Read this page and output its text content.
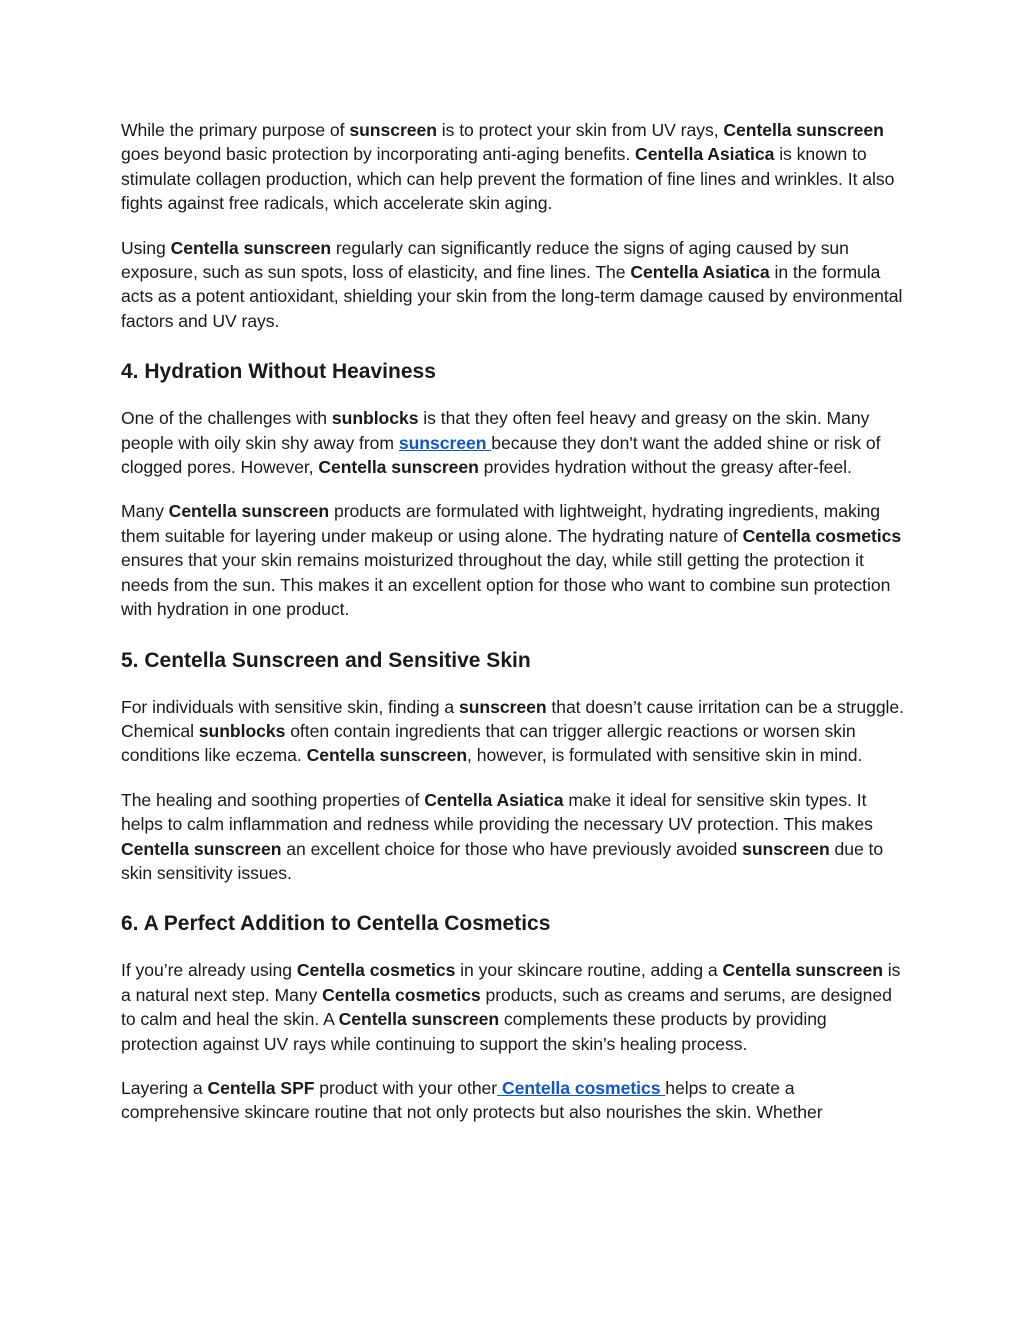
While the primary purpose of sunscreen is to protect your skin from UV rays, Centella sunscreen goes beyond basic protection by incorporating anti-aging benefits. Centella Asiatica is known to stimulate collagen production, which can help prevent the formation of fine lines and wrinkles. It also fights against free radicals, which accelerate skin aging.

Using Centella sunscreen regularly can significantly reduce the signs of aging caused by sun exposure, such as sun spots, loss of elasticity, and fine lines. The Centella Asiatica in the formula acts as a potent antioxidant, shielding your skin from the long-term damage caused by environmental factors and UV rays.

4. Hydration Without Heaviness

One of the challenges with sunblocks is that they often feel heavy and greasy on the skin. Many people with oily skin shy away from sunscreen because they don't want the added shine or risk of clogged pores. However, Centella sunscreen provides hydration without the greasy after-feel.

Many Centella sunscreen products are formulated with lightweight, hydrating ingredients, making them suitable for layering under makeup or using alone. The hydrating nature of Centella cosmetics ensures that your skin remains moisturized throughout the day, while still getting the protection it needs from the sun. This makes it an excellent option for those who want to combine sun protection with hydration in one product.

5. Centella Sunscreen and Sensitive Skin

For individuals with sensitive skin, finding a sunscreen that doesn’t cause irritation can be a struggle. Chemical sunblocks often contain ingredients that can trigger allergic reactions or worsen skin conditions like eczema. Centella sunscreen, however, is formulated with sensitive skin in mind.

The healing and soothing properties of Centella Asiatica make it ideal for sensitive skin types. It helps to calm inflammation and redness while providing the necessary UV protection. This makes Centella sunscreen an excellent choice for those who have previously avoided sunscreen due to skin sensitivity issues.

6. A Perfect Addition to Centella Cosmetics

If you’re already using Centella cosmetics in your skincare routine, adding a Centella sunscreen is a natural next step. Many Centella cosmetics products, such as creams and serums, are designed to calm and heal the skin. A Centella sunscreen complements these products by providing protection against UV rays while continuing to support the skin’s healing process.

Layering a Centella SPF product with your other Centella cosmetics helps to create a comprehensive skincare routine that not only protects but also nourishes the skin. Whether
